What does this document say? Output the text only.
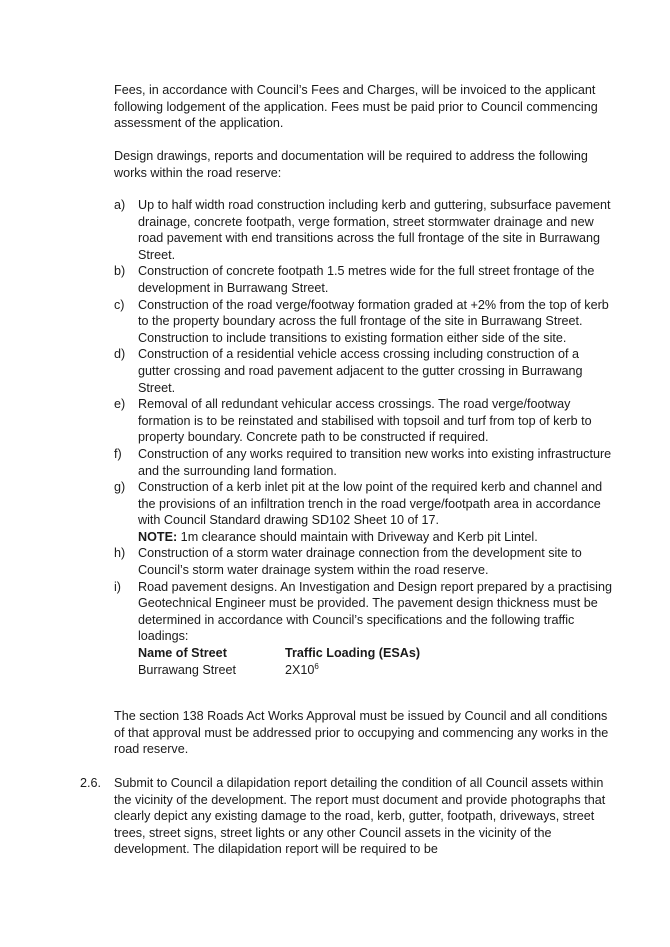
Fees, in accordance with Council’s Fees and Charges, will be invoiced to the applicant following lodgement of the application. Fees must be paid prior to Council commencing assessment of the application.

Design drawings, reports and documentation will be required to address the following works within the road reserve:

a)	Up to half width road construction including kerb and guttering, subsurface pavement drainage, concrete footpath, verge formation, street stormwater drainage and new road pavement with end transitions across the full frontage of the site in Burrawang Street.
b)	Construction of concrete footpath 1.5 metres wide for the full street frontage of the development in Burrawang Street.
c)	Construction of the road verge/footway formation graded at +2% from the top of kerb to the property boundary across the full frontage of the site in Burrawang Street. Construction to include transitions to existing formation either side of the site.
d)	Construction of a residential vehicle access crossing including construction of a gutter crossing and road pavement adjacent to the gutter crossing in Burrawang Street.
e)	Removal of all redundant vehicular access crossings. The road verge/footway formation is to be reinstated and stabilised with topsoil and turf from top of kerb to property boundary. Concrete path to be constructed if required.
f)	Construction of any works required to transition new works into existing infrastructure and the surrounding land formation.
g)	Construction of a kerb inlet pit at the low point of the required kerb and channel and the provisions of an infiltration trench in the road verge/footpath area in accordance with Council Standard drawing SD102 Sheet 10 of 17.

NOTE: 1m clearance should maintain with Driveway and Kerb pit Lintel.

h)	Construction of a storm water drainage connection from the development site to Council’s storm water drainage system within the road reserve.
i)	Road pavement designs. An Investigation and Design report prepared by a practising Geotechnical Engineer must be provided. The pavement design thickness must be determined in accordance with Council’s specifications and the following traffic loadings:

Name of Street	Traffic Loading (ESAs)
Burrawang Street	$2X10^6$

The section 138 Roads Act Works Approval must be issued by Council and all conditions of that approval must be addressed prior to occupying and commencing any works in the road reserve.

2.6.	Submit to Council a dilapidation report detailing the condition of all Council assets within the vicinity of the development. The report must document and provide photographs that clearly depict any existing damage to the road, kerb, gutter, footpath, driveways, street trees, street signs, street lights or any other Council assets in the vicinity of the development. The dilapidation report will be required to be
